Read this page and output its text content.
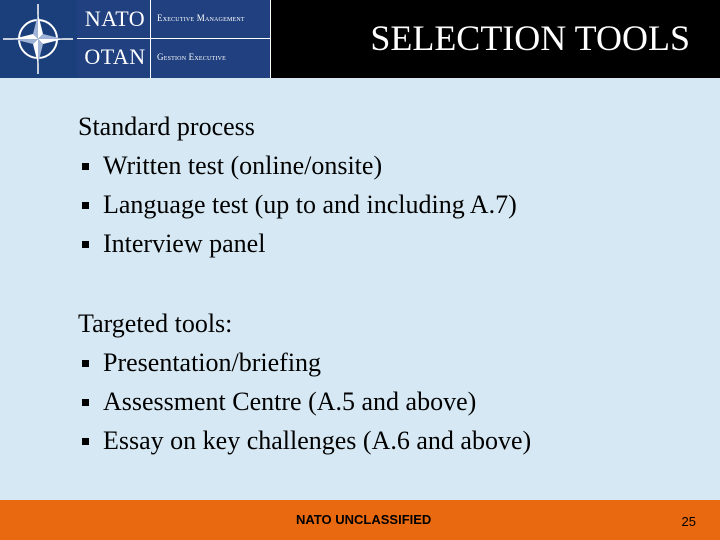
NATO
OTAN
Executive Management
Gestion Executive	SELECTION TOOLS
Standard process
Written test (online/onsite)
Language test (up to and including A.7)
Interview panel
Targeted tools:
Presentation/briefing
Assessment Centre (A.5 and above)
Essay on key challenges (A.6 and above)
NATO UNCLASSIFIED	25
